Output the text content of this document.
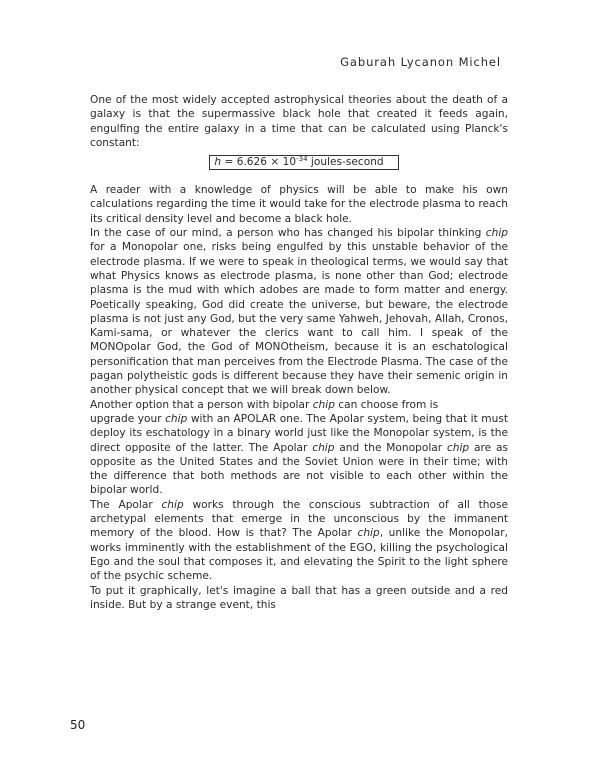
Gaburah Lycanon Michel

One of the most widely accepted astrophysical theories about the death of a galaxy is that the supermassive black hole that created it feeds again, engulfing the entire galaxy in a time that can be calculated using Planck's constant:

$h = 6.626 \times 10^{-34}$ joules-second

A reader with a knowledge of physics will be able to make his own calculations regarding the time it would take for the electrode plasma to reach its critical density level and become a black hole.

In the case of our mind, a person who has changed his bipolar thinking chip for a Monopolar one, risks being engulfed by this unstable behavior of the electrode plasma. If we were to speak in theological terms, we would say that what Physics knows as electrode plasma, is none other than God; electrode plasma is the mud with which adobes are made to form matter and energy. Poetically speaking, God did create the universe, but beware, the electrode plasma is not just any God, but the very same Yahweh, Jehovah, Allah, Cronos, Kami-sama, or whatever the clerics want to call him. I speak of the MONOpolar God, the God of MONOtheism, because it is an eschatological personification that man perceives from the Electrode Plasma. The case of the pagan polytheistic gods is different because they have their semenic origin in another physical concept that we will break down below.

Another option that a person with bipolar chip can choose from is

upgrade your chip with an APOLAR one. The Apolar system, being that it must deploy its eschatology in a binary world just like the Monopolar system, is the direct opposite of the latter. The Apolar chip and the Monopolar chip are as opposite as the United States and the Soviet Union were in their time; with the difference that both methods are not visible to each other within the bipolar world.

The Apolar chip works through the conscious subtraction of all those archetypal elements that emerge in the unconscious by the immanent memory of the blood. How is that? The Apolar chip, unlike the Monopolar, works imminently with the establishment of the EGO, killing the psychological Ego and the soul that composes it, and elevating the Spirit to the light sphere of the psychic scheme.

To put it graphically, let's imagine a ball that has a green outside and a red inside. But by a strange event, this

50
